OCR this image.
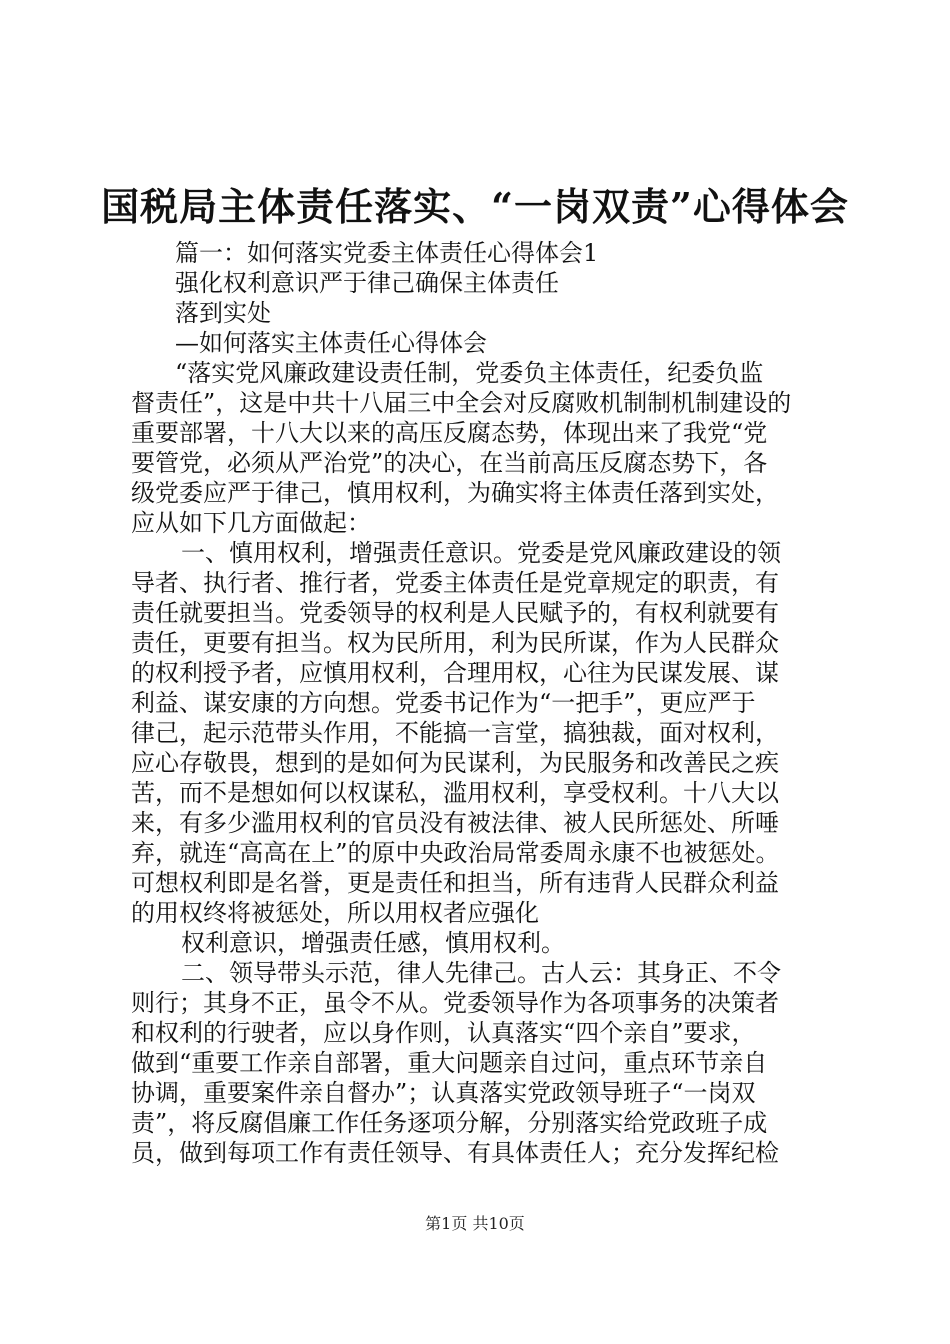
国税局主体责任落实、“一岗双责”心得体会
篇一：如何落实党委主体责任心得体会1
强化权利意识严于律己确保主体责任
落到实处
—如何落实主体责任心得体会
“落实党风廉政建设责任制，党委负主体责任，纪委负监
督责任”，这是中共十八届三中全会对反腐败机制制机制建设的
重要部署，十八大以来的高压反腐态势，体现出来了我党“党
要管党，必须从严治党”的决心，在当前高压反腐态势下，各
级党委应严于律己，慎用权利，为确实将主体责任落到实处，
应从如下几方面做起：
一、慎用权利，增强责任意识。党委是党风廉政建设的领
导者、执行者、推行者，党委主体责任是党章规定的职责，有
责任就要担当。党委领导的权利是人民赋予的，有权利就要有
责任，更要有担当。权为民所用，利为民所谋，作为人民群众
的权利授予者，应慎用权利，合理用权，心往为民谋发展、谋
利益、谋安康的方向想。党委书记作为“一把手”，更应严于
律己，起示范带头作用，不能搞一言堂，搞独裁，面对权利，
应心存敬畏，想到的是如何为民谋利，为民服务和改善民之疾
苦，而不是想如何以权谋私，滥用权利，享受权利。十八大以
来，有多少滥用权利的官员没有被法律、被人民所惩处、所唾
弃，就连“高高在上”的原中央政治局常委周永康不也被惩处。
可想权利即是名誉，更是责任和担当，所有违背人民群众利益
的用权终将被惩处，所以用权者应强化
权利意识，增强责任感，慎用权利。
二、领导带头示范，律人先律己。古人云：其身正、不令
则行；其身不正，虽令不从。党委领导作为各项事务的决策者
和权利的行驶者，应以身作则，认真落实“四个亲自”要求，
做到“重要工作亲自部署，重大问题亲自过问，重点环节亲自
协调，重要案件亲自督办”；认真落实党政领导班子“一岗双
责”，将反腐倡廉工作任务逐项分解，分别落实给党政班子成
员，做到每项工作有责任领导、有具体责任人；充分发挥纪检
第1页 共10页
